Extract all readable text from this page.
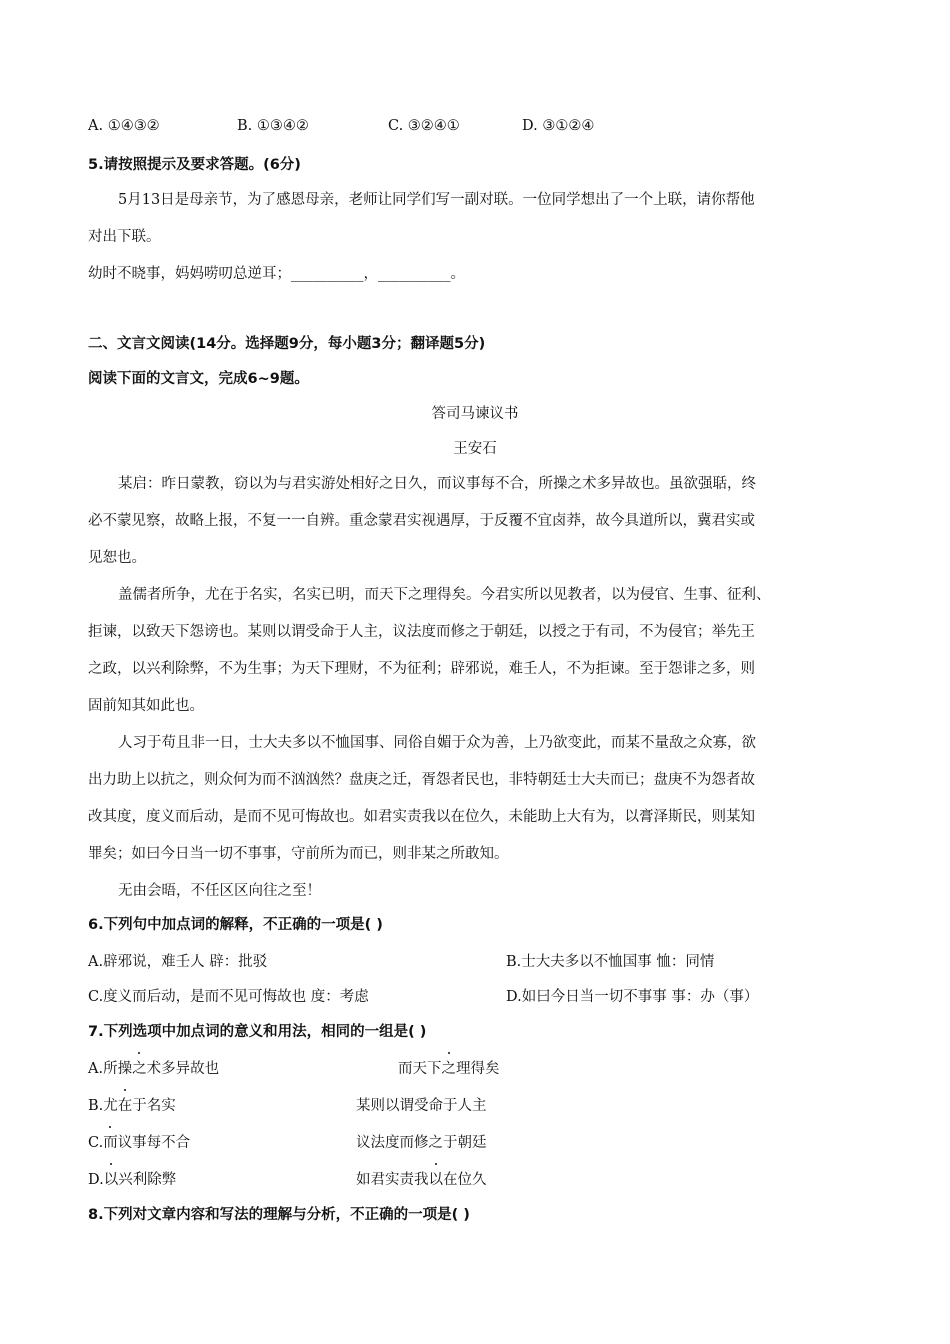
A. ①④③②	B. ①③④②	C. ③②④①	D. ③①②④
5.请按照提示及要求答题。(6分)
5月13日是母亲节，为了感恩母亲，老师让同学们写一副对联。一位同学想出了一个上联，请你帮他
对出下联。
幼时不晓事，妈妈唠叨总逆耳；__________，__________。
二、文言文阅读(14分。选择题9分，每小题3分；翻译题5分)
阅读下面的文言文，完成6~9题。
答司马谏议书
王安石
某启：昨日蒙教，窃以为与君实游处相好之日久，而议事每不合，所操之术多异故也。虽欲强聒，终
必不蒙见察，故略上报，不复一一自辨。重念蒙君实视遇厚，于反覆不宜卤莽，故今具道所以，冀君实或
见恕也。
盖儒者所争，尤在于名实，名实已明，而天下之理得矣。今君实所以见教者，以为侵官、生事、征利、
拒谏，以致天下怨谤也。某则以谓受命于人主，议法度而修之于朝廷，以授之于有司，不为侵官；举先王
之政，以兴利除弊，不为生事；为天下理财，不为征利；辟邪说，难壬人，不为拒谏。至于怨诽之多，则
固前知其如此也。
人习于苟且非一日，士大夫多以不恤国事、同俗自媚于众为善，上乃欲变此，而某不量敌之众寡，欲
出力助上以抗之，则众何为而不汹汹然？盘庚之迁，胥怨者民也，非特朝廷士大夫而已；盘庚不为怨者故
改其度，度义而后动，是而不见可悔故也。如君实责我以在位久，未能助上大有为，以膏泽斯民，则某知
罪矣；如曰今日当一切不事事，守前所为而已，则非某之所敢知。
无由会晤，不任区区向往之至！
6.下列句中加点词的解释，不正确的一项是( )
A.辟邪说，难壬人 辟：批驳	B.士大夫多以不恤国事 恤：同情
C.度义而后动，是而不见可悔故也 度：考虑	D.如曰今日当一切不事事 事：办（事）
7.下列选项中加点词的意义和用法，相同的一组是( )
A.所操之术多异故也	而天下之理得矣
B.尤在于名实	某则以谓受命于人主
C.而议事每不合	议法度而修之于朝廷
D.以兴利除弊	如君实责我以在位久
8.下列对文章内容和写法的理解与分析，不正确的一项是( )
